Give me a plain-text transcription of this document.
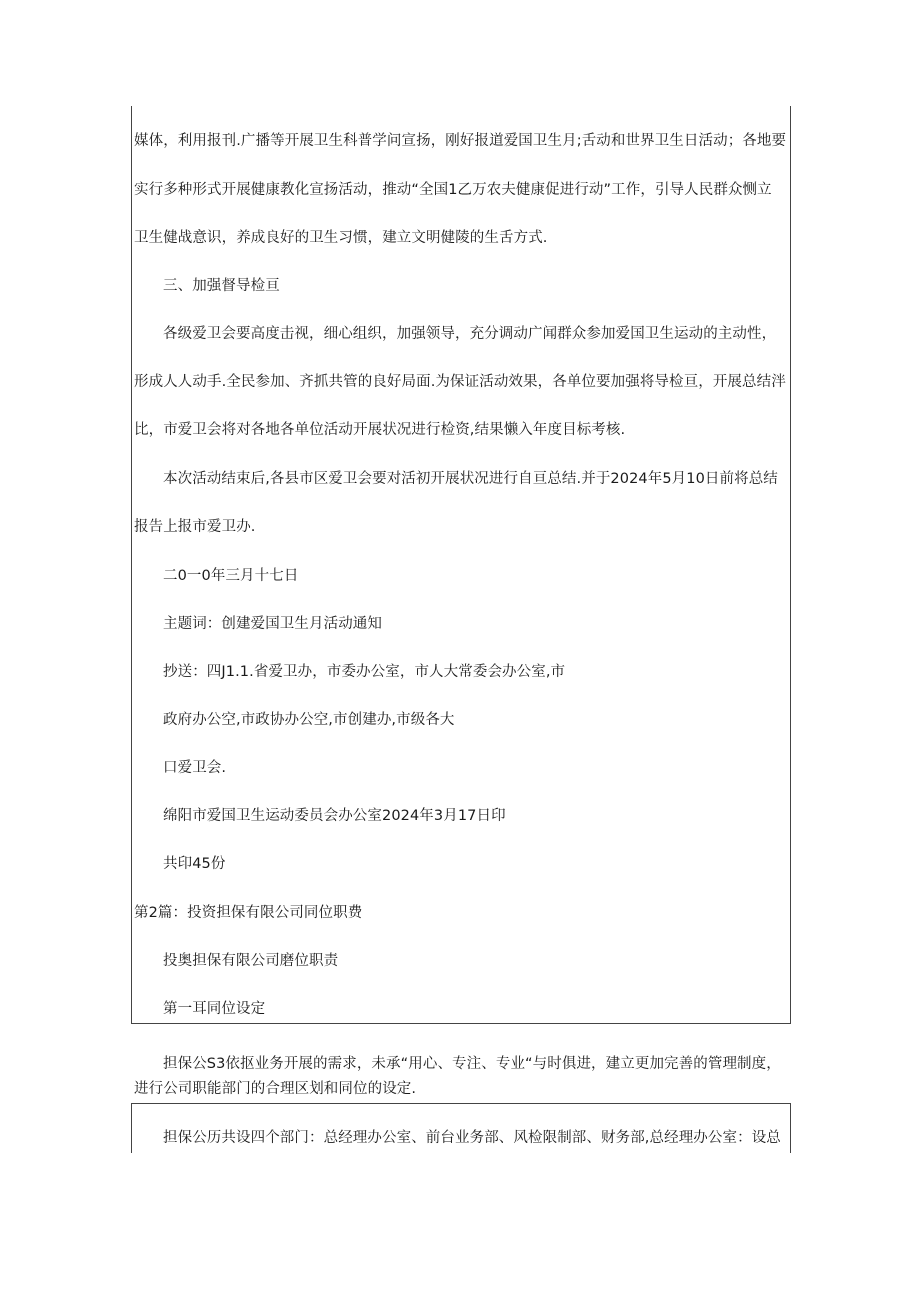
媒体，利用报刊.广播等开展卫生科普学问宣扬，刚好报道爱国卫生月;舌动和世界卫生日活动；各地要
实行多种形式开展健康教化宣扬活动，推动“全国1乙万农夫健康促进行动”工作，引导人民群众恻立
卫生健战意识，养成良好的卫生习惯，建立文明健陵的生舌方式.
三、加强督导检亘
各级爱卫会要高度击视，细心组织，加强领导，充分调动广闻群众参加爱国卫生运动的主动性，
形成人人动手.全民参加、齐抓共管的良好局面.为保证活动效果，各单位要加强将导检亘，开展总结泮
比，市爱卫会将对各地各单位活动开展状况进行检资,结果懒入年度目标考核.
本次活动结束后,各县市区爱卫会要对活初开展状况进行自亘总结.并于2024年5月10日前将总结
报告上报市爱卫办.
二0一0年三月十七日
主题词：创建爱国卫生月活动通知
抄送：四J1.1.省爱卫办，市委办公室，市人大常委会办公室,市
政府办公空,市政协办公空,市创建办,市级各大
口爱卫会.
绵阳市爱国卫生运动委员会办公室2024年3月17日印
共印45份
第2篇：投资担保有限公司同位职费
投奥担保有限公司磨位职责
第一耳同位设定
担保公S3依抠业务开展的需求，未承“用心、专注、专业“与时俱进，建立更加完善的管理制度，
进行公司职能部门的合理区划和同位的设定.
担保公历共设四个部门：总经理办公室、前台业务部、风检限制部、财务部,总经理办公室：设总
